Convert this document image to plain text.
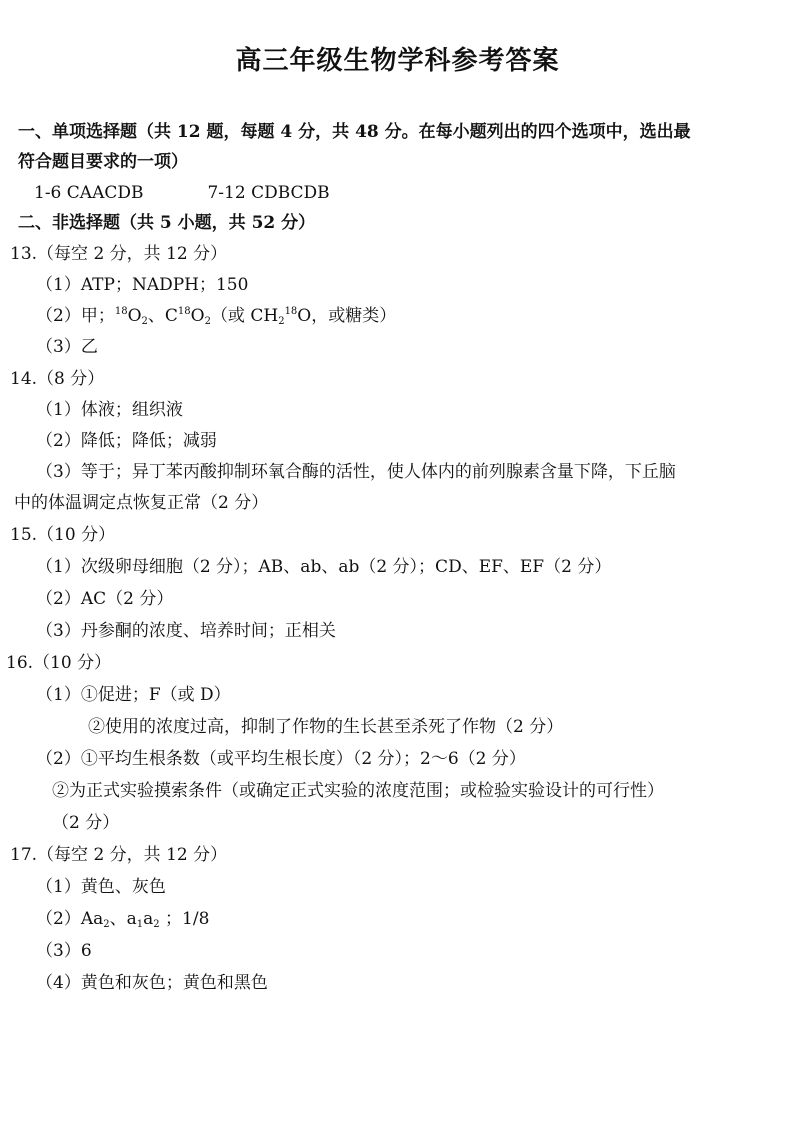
高三年级生物学科参考答案
一、单项选择题（共 12 题，每题 4 分，共 48 分。在每小题列出的四个选项中，选出最
符合题目要求的一项）
1-6 CAACDB	7-12 CDBCDB
二、非选择题（共 5 小题，共 52 分）
13.（每空 2 分，共 12 分）
（1）ATP；NADPH；150
（2）甲；$^{18}O_2$、$C^{18}O_2$（或 $CH_2^{18}O$，或糖类）
（3）乙
14.（8 分）
（1）体液；组织液
（2）降低；降低；减弱
（3）等于；异丁苯丙酸抑制环氧合酶的活性，使人体内的前列腺素含量下降，下丘脑
中的体温调定点恢复正常（2 分）
15.（10 分）
（1）次级卵母细胞（2 分）；AB、ab、ab（2 分）；CD、EF、EF（2 分）
（2）AC（2 分）
（3）丹参酮的浓度、培养时间；正相关
16.（10 分）
（1）①促进；F（或 D）
②使用的浓度过高，抑制了作物的生长甚至杀死了作物（2 分）
（2）①平均生根条数（或平均生根长度）（2 分）；2～6（2 分）
②为正式实验摸索条件（或确定正式实验的浓度范围；或检验实验设计的可行性）
（2 分）
17.（每空 2 分，共 12 分）
（1）黄色、灰色
$(2)Aa_2$、$a_1a_2$ ；1/8
（3）6
（4）黄色和灰色；黄色和黑色
